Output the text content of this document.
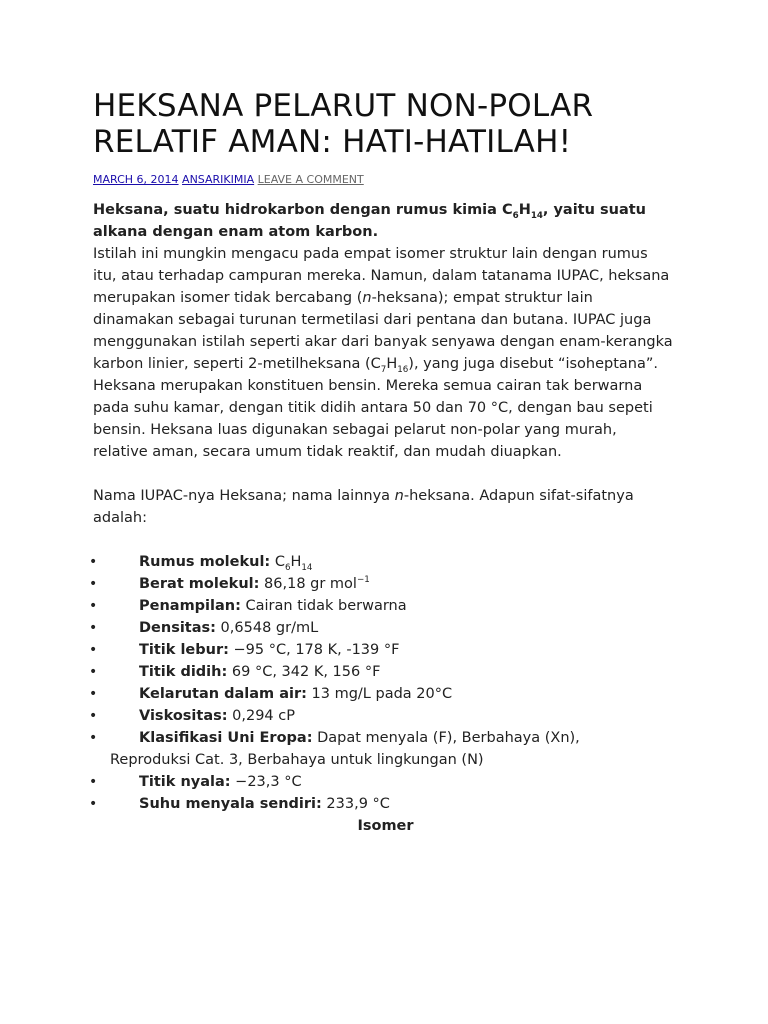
HEKSANA PELARUT NON-POLAR
RELATIF AMAN: HATI-HATILAH!
MARCH 6, 2014 ANSARIKIMIA LEAVE A COMMENT

Heksana, suatu hidrokarbon dengan rumus kimia $C_6H_{14}$, yaitu suatu alkana dengan enam atom karbon.

Istilah ini mungkin mengacu pada empat isomer struktur lain dengan rumus itu, atau terhadap campuran mereka. Namun, dalam tatanama IUPAC, heksana merupakan isomer tidak bercabang (n-heksana); empat struktur lain dinamakan sebagai turunan termetilasi dari pentana dan butana. IUPAC juga menggunakan istilah seperti akar dari banyak senyawa dengan enam-kerangka karbon linier, seperti 2-metilheksana $(C_7H_{16})$, yang juga disebut “isoheptana”.

Heksana merupakan konstituen bensin. Mereka semua cairan tak berwarna pada suhu kamar, dengan titik didih antara 50 dan 70 °C, dengan bau sepeti bensin. Heksana luas digunakan sebagai pelarut non-polar yang murah, relative aman, secara umum tidak reaktif, dan mudah diuapkan.

Nama IUPAC-nya Heksana; nama lainnya n-heksana. Adapun sifat-sifatnya adalah:

•	Rumus molekul: $C_6H_{14}$
•	Berat molekul: 86,18 gr mol$^{-1}$
•	Penampilan: Cairan tidak berwarna
•	Densitas: 0,6548 gr/mL
•	Titik lebur: −95 °C, 178 K, -139 °F
•	Titik didih: 69 °C, 342 K, 156 °F
•	Kelarutan dalam air: 13 mg/L pada 20°C
•	Viskositas: 0,294 cP
•	Klasifikasi Uni Eropa: Dapat menyala (F), Berbahaya (Xn),
Reproduksi Cat. 3, Berbahaya untuk lingkungan (N)
•	Titik nyala: −23,3 °C
•	Suhu menyala sendiri: 233,9 °C
Isomer
